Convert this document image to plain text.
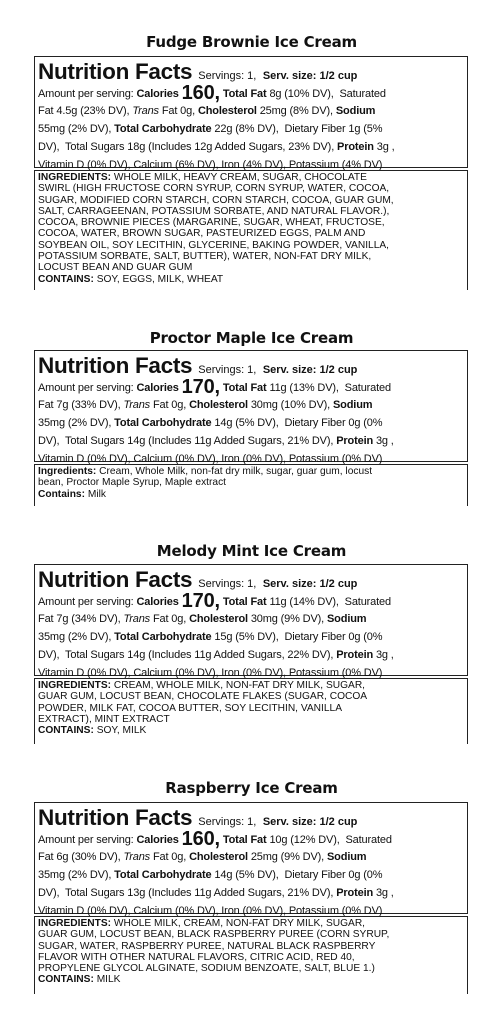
Fudge Brownie Ice Cream
Nutrition Facts Servings: 1, Serv. size: 1/2 cup
Amount per serving: Calories 160, Total Fat 8g (10% DV), Saturated
Fat 4.5g (23% DV), Trans Fat 0g, Cholesterol 25mg (8% DV), Sodium
55mg (2% DV), Total Carbohydrate 22g (8% DV), Dietary Fiber 1g (5%
DV), Total Sugars 18g (Includes 12g Added Sugars, 23% DV), Protein 3g ,
Vitamin D (0% DV), Calcium (6% DV), Iron (4% DV), Potassium (4% DV)
INGREDIENTS: WHOLE MILK, HEAVY CREAM, SUGAR, CHOCOLATE
SWIRL (HIGH FRUCTOSE CORN SYRUP, CORN SYRUP, WATER, COCOA,
SUGAR, MODIFIED CORN STARCH, CORN STARCH, COCOA, GUAR GUM,
SALT, CARRAGEENAN, POTASSIUM SORBATE, AND NATURAL FLAVOR.),
COCOA, BROWNIE PIECES (MARGARINE, SUGAR, WHEAT, FRUCTOSE,
COCOA, WATER, BROWN SUGAR, PASTEURIZED EGGS, PALM AND
SOYBEAN OIL, SOY LECITHIN, GLYCERINE, BAKING POWDER, VANILLA,
POTASSIUM SORBATE, SALT, BUTTER), WATER, NON-FAT DRY MILK,
LOCUST BEAN AND GUAR GUM
CONTAINS: SOY, EGGS, MILK, WHEAT
Proctor Maple Ice Cream
Nutrition Facts Servings: 1, Serv. size: 1/2 cup
Amount per serving: Calories 170, Total Fat 11g (13% DV), Saturated
Fat 7g (33% DV), Trans Fat 0g, Cholesterol 30mg (10% DV), Sodium
35mg (2% DV), Total Carbohydrate 14g (5% DV), Dietary Fiber 0g (0%
DV), Total Sugars 14g (Includes 11g Added Sugars, 21% DV), Protein 3g ,
Vitamin D (0% DV), Calcium (0% DV), Iron (0% DV), Potassium (0% DV)
Ingredients: Cream, Whole Milk, non-fat dry milk, sugar, guar gum, locust
bean, Proctor Maple Syrup, Maple extract
Contains: Milk
Melody Mint Ice Cream
Nutrition Facts Servings: 1, Serv. size: 1/2 cup
Amount per serving: Calories 170, Total Fat 11g (14% DV), Saturated
Fat 7g (34% DV), Trans Fat 0g, Cholesterol 30mg (9% DV), Sodium
35mg (2% DV), Total Carbohydrate 15g (5% DV), Dietary Fiber 0g (0%
DV), Total Sugars 14g (Includes 11g Added Sugars, 22% DV), Protein 3g ,
Vitamin D (0% DV), Calcium (0% DV), Iron (0% DV), Potassium (0% DV)
INGREDIENTS: CREAM, WHOLE MILK, NON-FAT DRY MILK, SUGAR,
GUAR GUM, LOCUST BEAN, CHOCOLATE FLAKES (SUGAR, COCOA
POWDER, MILK FAT, COCOA BUTTER, SOY LECITHIN, VANILLA
EXTRACT), MINT EXTRACT
CONTAINS: SOY, MILK
Raspberry Ice Cream
Nutrition Facts Servings: 1, Serv. size: 1/2 cup
Amount per serving: Calories 160, Total Fat 10g (12% DV), Saturated
Fat 6g (30% DV), Trans Fat 0g, Cholesterol 25mg (9% DV), Sodium
35mg (2% DV), Total Carbohydrate 14g (5% DV), Dietary Fiber 0g (0%
DV), Total Sugars 13g (Includes 11g Added Sugars, 21% DV), Protein 3g ,
Vitamin D (0% DV), Calcium (0% DV), Iron (0% DV), Potassium (0% DV)
INGREDIENTS: WHOLE MILK, CREAM, NON-FAT DRY MILK, SUGAR,
GUAR GUM, LOCUST BEAN, BLACK RASPBERRY PUREE (CORN SYRUP,
SUGAR, WATER, RASPBERRY PUREE, NATURAL BLACK RASPBERRY
FLAVOR WITH OTHER NATURAL FLAVORS, CITRIC ACID, RED 40,
PROPYLENE GLYCOL ALGINATE, SODIUM BENZOATE, SALT, BLUE 1.)
CONTAINS: MILK
